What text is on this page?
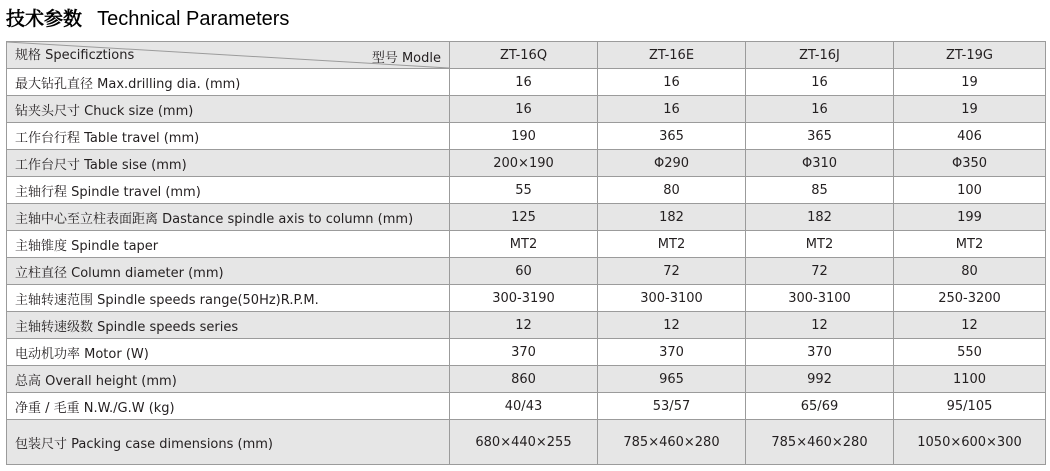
技术参数 Technical Parameters
规格 Specificztions 型号 Modle	ZT-16Q	ZT-16E	ZT-16J	ZT-19G
最大钻孔直径 Max.drilling dia. (mm)	16	16	16	19
钻夹头尺寸 Chuck size (mm)	16	16	16	19
工作台行程 Table travel (mm)	190	365	365	406
工作台尺寸 Table sise (mm)	200×190	Φ290	Φ310	Φ350
主轴行程 Spindle travel (mm)	55	80	85	100
主轴中心至立柱表面距离 Dastance spindle axis to column (mm)	125	182	182	199
主轴锥度 Spindle taper	MT2	MT2	MT2	MT2
立柱直径 Column diameter (mm)	60	72	72	80
主轴转速范围 Spindle speeds range(50Hz)R.P.M.	300-3190	300-3100	300-3100	250-3200
主轴转速级数 Spindle speeds series	12	12	12	12
电动机功率 Motor (W)	370	370	370	550
总高 Overall height (mm)	860	965	992	1100
净重 / 毛重 N.W./G.W (kg)	40/43	53/57	65/69	95/105
包装尺寸 Packing case dimensions (mm)	680×440×255	785×460×280	785×460×280	1050×600×300
